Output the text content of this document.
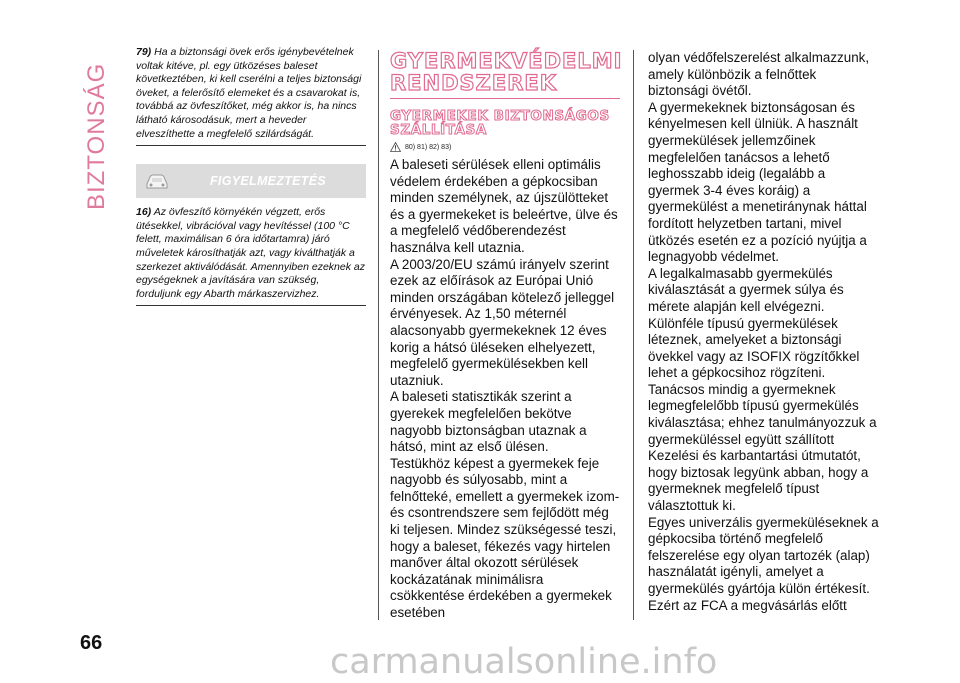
BIZTONSÁG
79) Ha a biztonsági övek erős igénybevételnek voltak kitéve, pl. egy ütközéses baleset következtében, ki kell cserélni a teljes biztonsági öveket, a felerősítő elemeket és a csavarokat is, továbbá az övfeszítőket, még akkor is, ha nincs látható károsodásuk, mert a heveder elveszíthette a megfelelő szilárdságát.
FIGYELMEZTETÉS
16) Az övfeszítő környékén végzett, erős ütésekkel, vibrációval vagy hevítéssel (100 °C felett, maximálisan 6 óra időtartamra) járó műveletek károsíthatják azt, vagy kiválthatják a szerkezet aktiválódását. Amennyiben ezeknek az egységeknek a javítására van szükség, forduljunk egy Abarth márkaszervizhez.
GYERMEKVÉDELMI RENDSZEREK
GYERMEKEK BIZTONSÁGOS SZÁLLÍTÁSA
80) 81) 82) 83)

A baleseti sérülések elleni optimális védelem érdekében a gépkocsiban minden személynek, az újszülötteket és a gyermekeket is beleértve, ülve és a megfelelő védőberendezést használva kell utaznia.

A 2003/20/EU számú irányelv szerint ezek az előírások az Európai Unió minden országában kötelező jelleggel érvényesek. Az 1,50 méternél alacsonyabb gyermekeknek 12 éves korig a hátsó üléseken elhelyezett, megfelelő gyermekülésekben kell utazniuk.

A baleseti statisztikák szerint a gyerekek megfelelően bekötve nagyobb biztonságban utaznak a hátsó, mint az első ülésen.

Testükhöz képest a gyermekek feje nagyobb és súlyosabb, mint a felnőtteké, emellett a gyermekek izom- és csontrendszere sem fejlődött még ki teljesen. Mindez szükségessé teszi, hogy a baleset, fékezés vagy hirtelen manőver által okozott sérülések kockázatának minimálisra csökkentése érdekében a gyermekek esetében

olyan védőfelszerelést alkalmazzunk, amely különbözik a felnőttek biztonsági övétől.

A gyermekeknek biztonságosan és kényelmesen kell ülniük. A használt gyermekülések jellemzőinek megfelelően tanácsos a lehető leghosszabb ideig (legalább a gyermek 3-4 éves koráig) a gyermekülést a menetiránynak háttal fordított helyzetben tartani, mivel ütközés esetén ez a pozíció nyújtja a legnagyobb védelmet.

A legalkalmasabb gyermekülés kiválasztását a gyermek súlya és mérete alapján kell elvégezni. Különféle típusú gyermekülések léteznek, amelyeket a biztonsági övekkel vagy az ISOFIX rögzítőkkel lehet a gépkocsihoz rögzíteni.

Tanácsos mindig a gyermeknek legmegfelelőbb típusú gyermekülés kiválasztása; ehhez tanulmányozzuk a gyermeküléssel együtt szállított Kezelési és karbantartási útmutatót, hogy biztosak legyünk abban, hogy a gyermeknek megfelelő típust választottuk ki.

Egyes univerzális gyermeküléseknek a gépkocsiba történő megfelelő felszerelése egy olyan tartozék (alap) használatát igényli, amelyet a gyermekülés gyártója külön értékesít. Ezért az FCA a megvásárlás előtt

66	carmanualsonline.info
